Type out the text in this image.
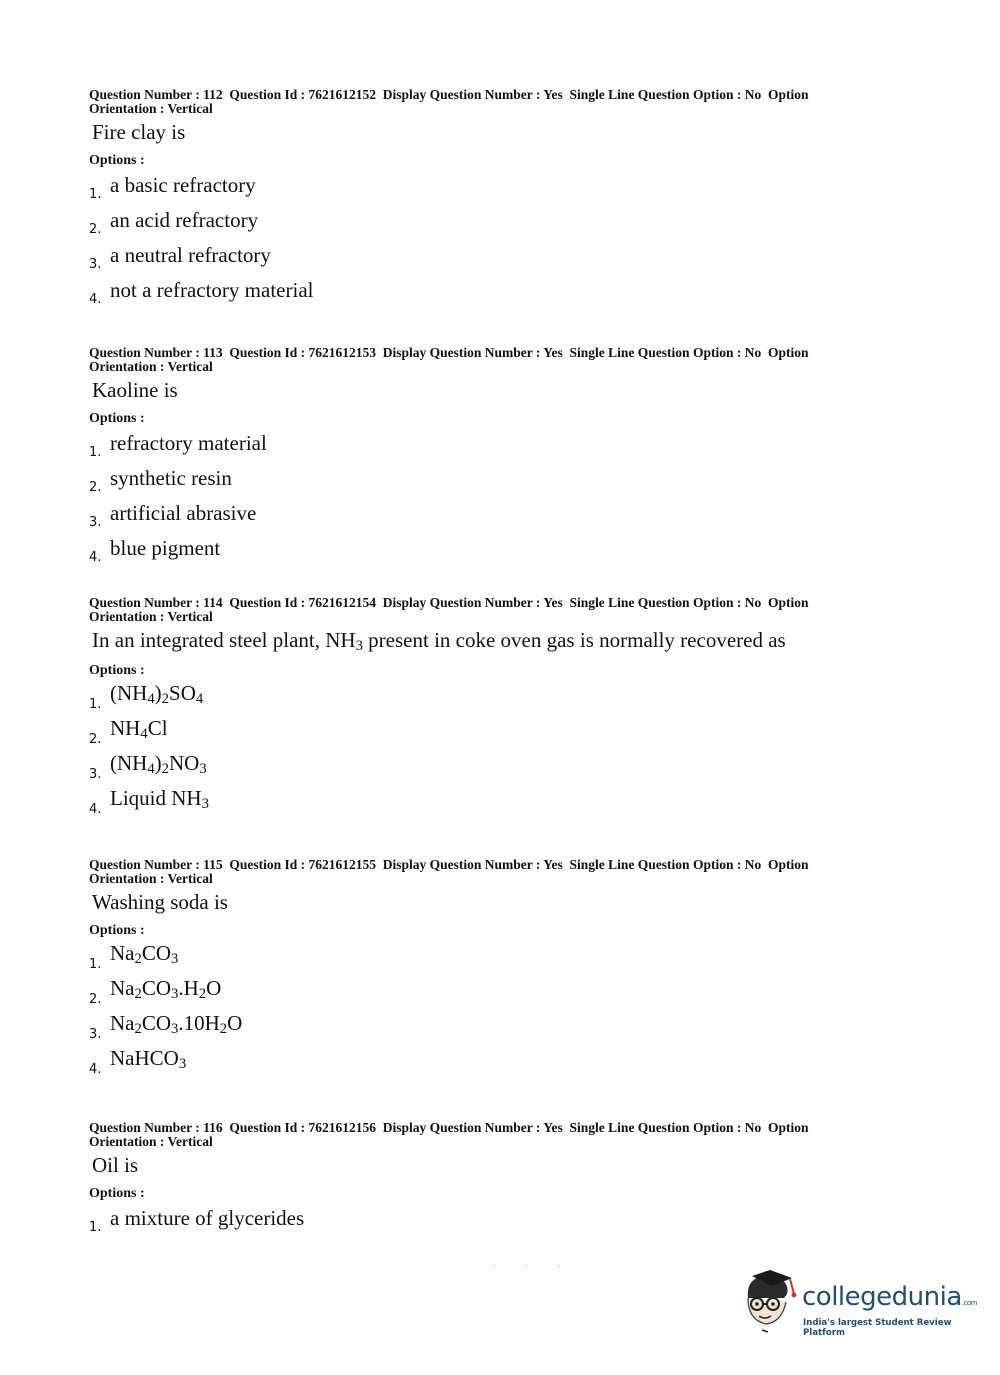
Question Number : 112  Question Id : 7621612152  Display Question Number : Yes  Single Line Question Option : No  Option
Orientation : Vertical
Fire clay is
Options :
1. a basic refractory
2. an acid refractory
3. a neutral refractory
4. not a refractory material
Question Number : 113  Question Id : 7621612153  Display Question Number : Yes  Single Line Question Option : No  Option
Orientation : Vertical
Kaoline is
Options :
1. refractory material
2. synthetic resin
3. artificial abrasive
4. blue pigment
Question Number : 114  Question Id : 7621612154  Display Question Number : Yes  Single Line Question Option : No  Option
Orientation : Vertical
In an integrated steel plant, $NH_3$ present in coke oven gas is normally recovered as
Options :
1. $(NH_4)_2SO_4$
2. $NH_4Cl$
3. $(NH_4)_2NO_3$
4. Liquid $NH_3$
Question Number : 115  Question Id : 7621612155  Display Question Number : Yes  Single Line Question Option : No  Option
Orientation : Vertical
Washing soda is
Options :
1. $Na_2CO_3$
2. $Na_2CO_3.H_2O$
3. $Na_2CO_3.10H_2O$
4. NaHCO$_3$
Question Number : 116  Question Id : 7621612156  Display Question Number : Yes  Single Line Question Option : No  Option
Orientation : Vertical
Oil is
Options :
1. a mixture of glycerides
· · ·
collegedunia.com
India's largest Student Review Platform
